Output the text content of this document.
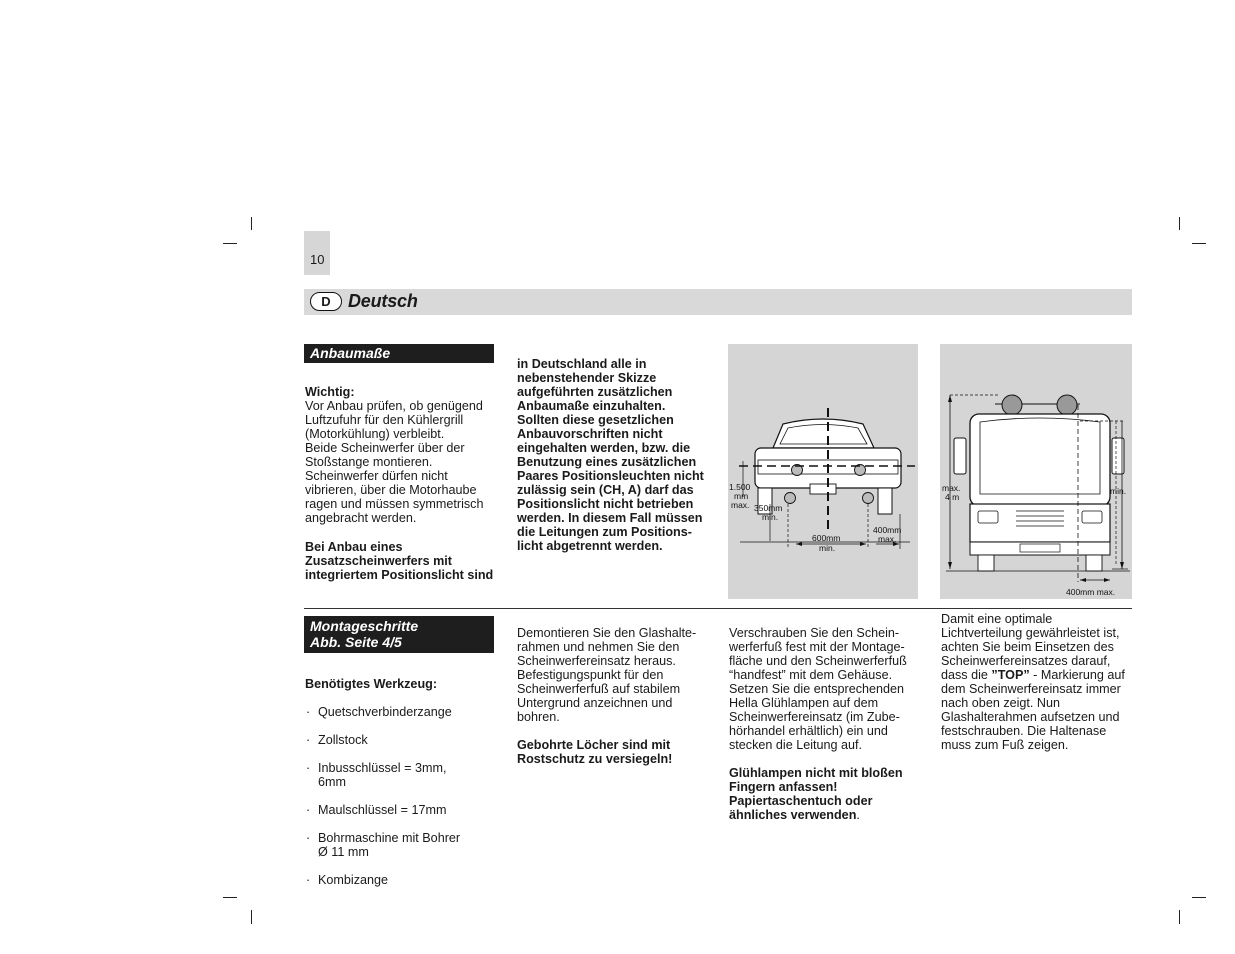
10
D Deutsch
Anbaumaße

Wichtig:

Vor Anbau prüfen, ob genügend
Luftzufuhr für den Kühlergrill
(Motorkühlung) verbleibt.
Beide Scheinwerfer über der
Stoßstange montieren.
Scheinwerfer dürfen nicht
vibrieren, über die Motorhaube
ragen und müssen symmetrisch
angebracht werden.

Bei Anbau eines
Zusatzscheinwerfers mit
integriertem Positionslicht sind

in Deutschland alle in
nebenstehender Skizze
aufgeführten zusätzlichen
Anbaumaße einzuhalten.
Sollten diese gesetzlichen
Anbauvorschriften nicht
eingehalten werden, bzw. die
Benutzung eines zusätzlichen
Paares Positionsleuchten nicht
zulässig sein (CH, A) darf das
Positionslicht nicht betrieben
werden. In diesem Fall müssen
die Leitungen zum Positions-
licht abgetrennt werden.

1.500
mm
max. 350mm
min.
600mm
min.
400mm
max.
max.
4 m
min.
400mm max.
Montageschritte
Abb. Seite 4/5

Benötigtes Werkzeug:

· Quetschverbinderzange

· Zollstock

· Inbusschlüssel = 3mm,
6mm

· Maulschlüssel = 17mm

· Bohrmaschine mit Bohrer
Ø 11 mm

· Kombizange

Demontieren Sie den Glashalte-
rahmen und nehmen Sie den
Scheinwerfereinsatz heraus.
Befestigungspunkt für den
Scheinwerferfuß auf stabilem
Untergrund anzeichnen und
bohren.

Gebohrte Löcher sind mit
Rostschutz zu versiegeln!

Verschrauben Sie den Schein-
werferfuß fest mit der Montage-
fläche und den Scheinwerferfuß
“handfest” mit dem Gehäuse.
Setzen Sie die entsprechenden
Hella Glühlampen auf dem
Scheinwerfereinsatz (im Zube-
hörhandel erhältlich) ein und
stecken die Leitung auf.

Glühlampen nicht mit bloßen
Fingern anfassen!
Papiertaschentuch oder
ähnliches verwenden.

Damit eine optimale
Lichtverteilung gewährleistet ist,
achten Sie beim Einsetzen des
Scheinwerfereinsatzes darauf,
dass die ”TOP” - Markierung auf
dem Scheinwerfereinsatz immer
nach oben zeigt. Nun
Glashalterahmen aufsetzen und
festschrauben. Die Haltenase
muss zum Fuß zeigen.
